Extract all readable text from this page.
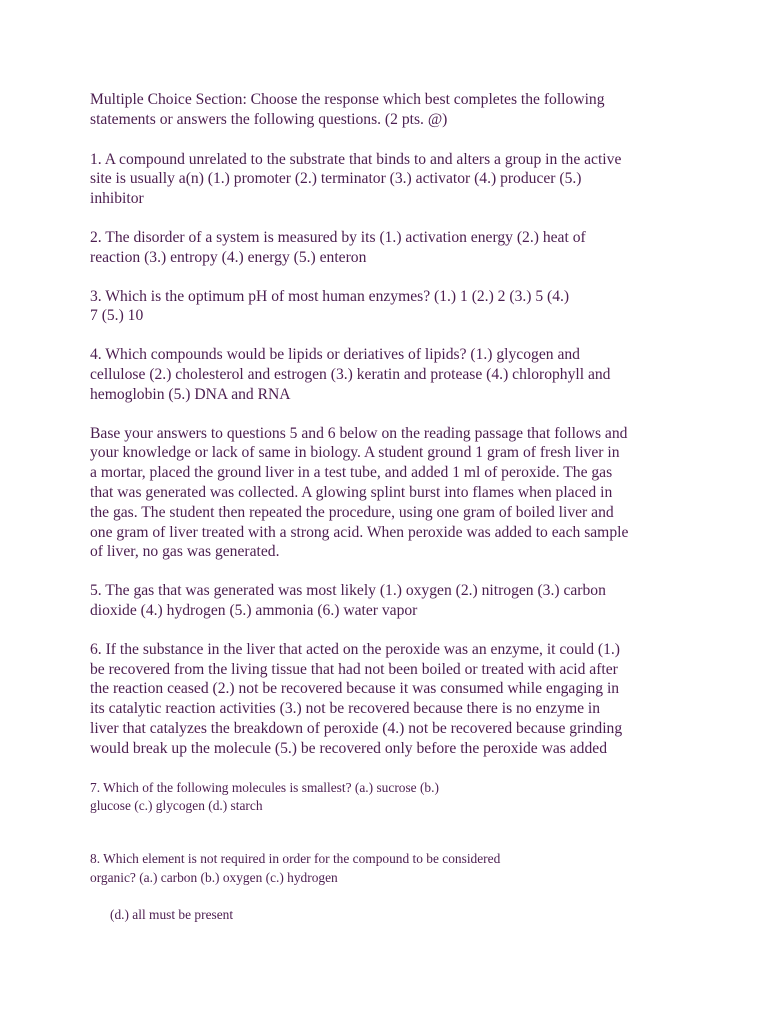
Multiple Choice Section: Choose the response which best completes the following
statements or answers the following questions. (2 pts. @)

1. A compound unrelated to the substrate that binds to and alters a group in the active
site is usually a(n) (1.) promoter (2.) terminator (3.) activator (4.) producer (5.)
inhibitor

2. The disorder of a system is measured by its (1.) activation energy (2.) heat of
reaction (3.) entropy (4.) energy (5.) enteron

3. Which is the optimum pH of most human enzymes? (1.) 1 (2.) 2 (3.) 5 (4.)
7 (5.) 10

4. Which compounds would be lipids or deriatives of lipids? (1.) glycogen and
cellulose (2.) cholesterol and estrogen (3.) keratin and protease (4.) chlorophyll and
hemoglobin (5.) DNA and RNA

Base your answers to questions 5 and 6 below on the reading passage that follows and
your knowledge or lack of same in biology. A student ground 1 gram of fresh liver in
a mortar, placed the ground liver in a test tube, and added 1 ml of peroxide. The gas
that was generated was collected. A glowing splint burst into flames when placed in
the gas. The student then repeated the procedure, using one gram of boiled liver and
one gram of liver treated with a strong acid. When peroxide was added to each sample
of liver, no gas was generated.

5. The gas that was generated was most likely (1.) oxygen (2.) nitrogen (3.) carbon
dioxide (4.) hydrogen (5.) ammonia (6.) water vapor

6. If the substance in the liver that acted on the peroxide was an enzyme, it could (1.)
be recovered from the living tissue that had not been boiled or treated with acid after
the reaction ceased (2.) not be recovered because it was consumed while engaging in
its catalytic reaction activities (3.) not be recovered because there is no enzyme in
liver that catalyzes the breakdown of peroxide (4.) not be recovered because grinding
would break up the molecule (5.) be recovered only before the peroxide was added

7. Which of the following molecules is smallest? (a.) sucrose (b.)
glucose (c.) glycogen (d.) starch

8. Which element is not required in order for the compound to be considered
organic? (a.) carbon (b.) oxygen (c.) hydrogen

(d.) all must be present
